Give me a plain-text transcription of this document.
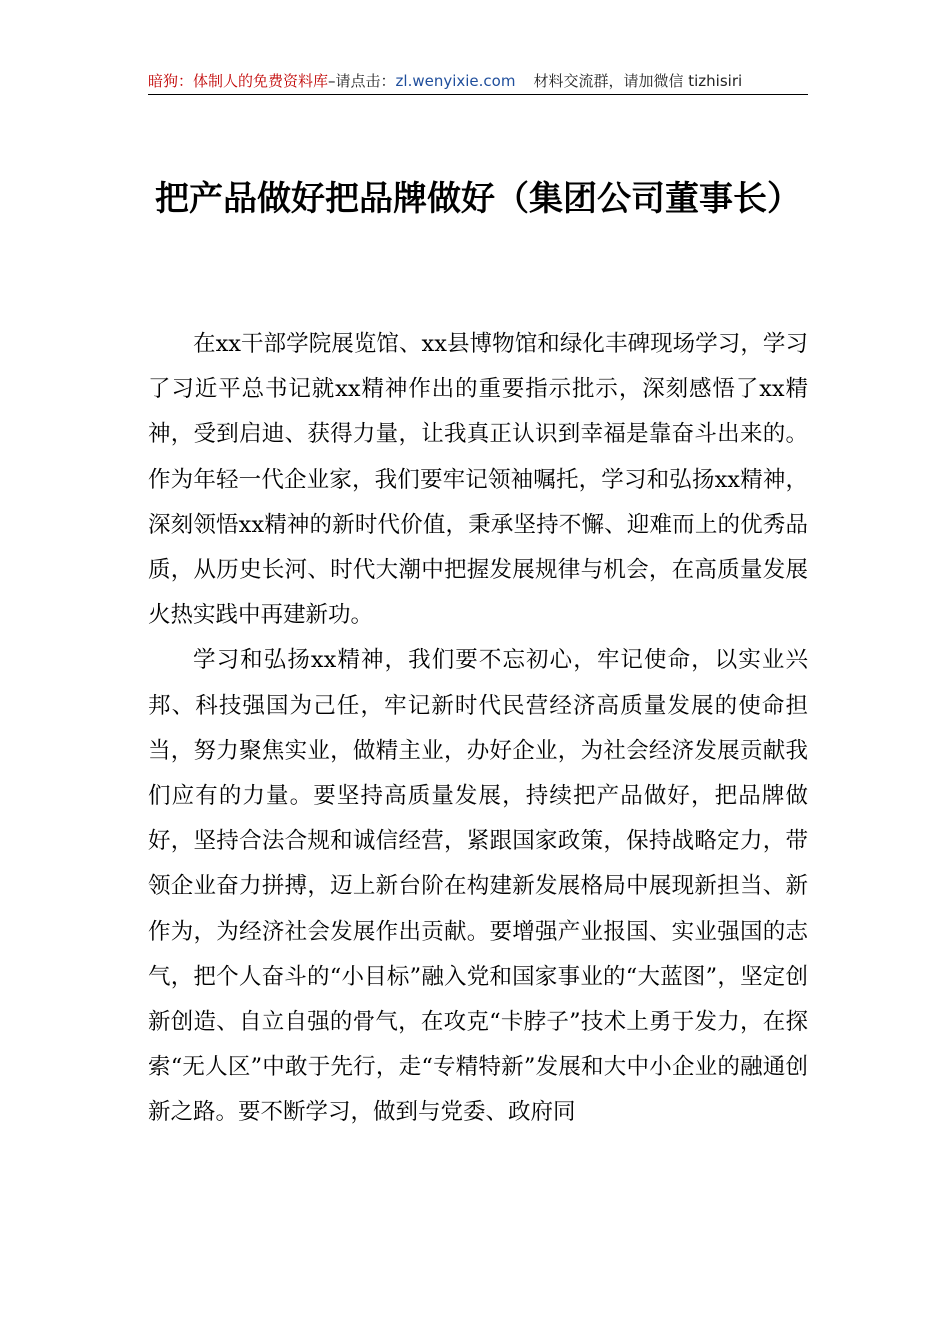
暗狗：体制人的免费资料库–请点击：zl.wenyixie.com 材料交流群，请加微信 tizhisiri
把产品做好把品牌做好（集团公司董事长）

在xx干部学院展览馆、xx县博物馆和绿化丰碑现场学习，学习了习近平总书记就xx精神作出的重要指示批示，深刻感悟了xx精神，受到启迪、获得力量，让我真正认识到幸福是靠奋斗出来的。作为年轻一代企业家，我们要牢记领袖嘱托，学习和弘扬xx精神，深刻领悟xx精神的新时代价值，秉承坚持不懈、迎难而上的优秀品质，从历史长河、时代大潮中把握发展规律与机会，在高质量发展火热实践中再建新功。

学习和弘扬xx精神，我们要不忘初心，牢记使命，以实业兴邦、科技强国为己任，牢记新时代民营经济高质量发展的使命担当，努力聚焦实业，做精主业，办好企业，为社会经济发展贡献我们应有的力量。要坚持高质量发展，持续把产品做好，把品牌做好，坚持合法合规和诚信经营，紧跟国家政策，保持战略定力，带领企业奋力拼搏，迈上新台阶在构建新发展格局中展现新担当、新作为，为经济社会发展作出贡献。要增强产业报国、实业强国的志气，把个人奋斗的“小目标”融入党和国家事业的“大蓝图”，坚定创新创造、自立自强的骨气，在攻克“卡脖子”技术上勇于发力，在探索“无人区”中敢于先行，走“专精特新”发展和大中小企业的融通创新之路。要不断学习，做到与党委、政府同
